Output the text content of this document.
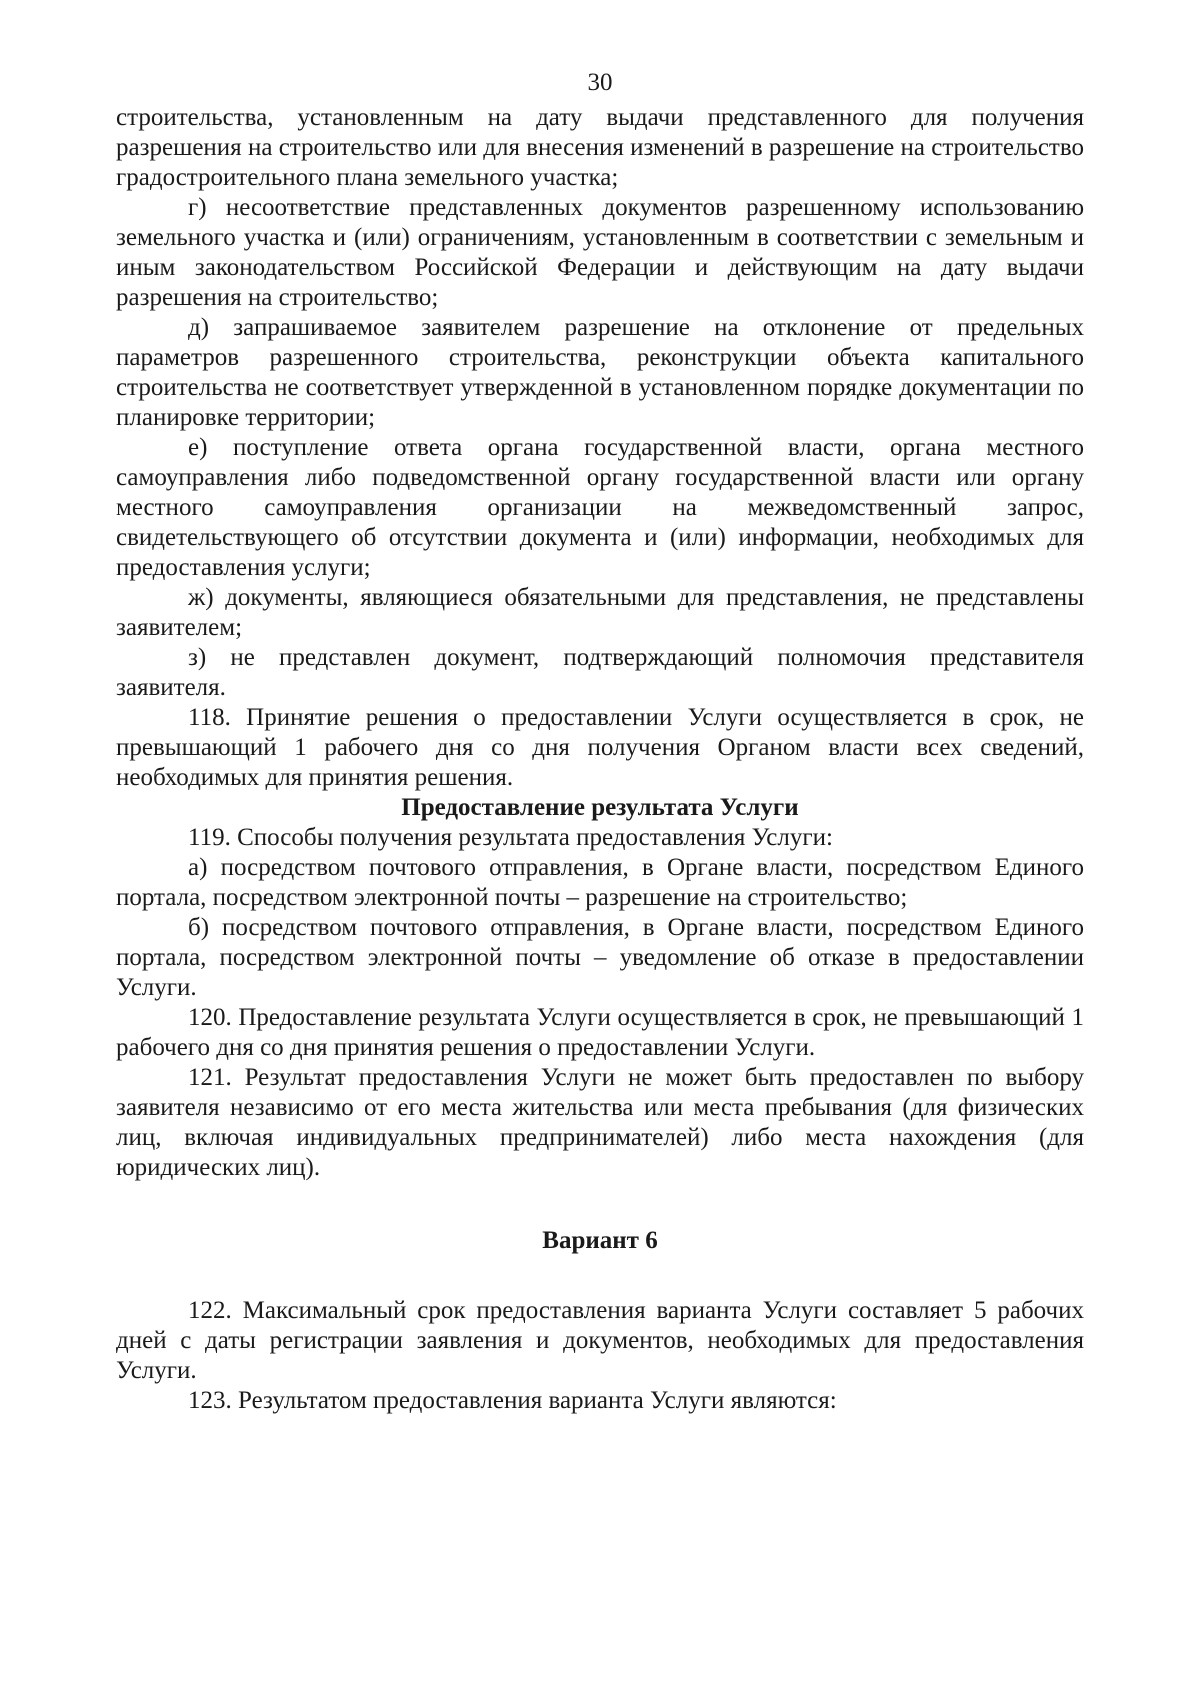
30

строительства, установленным на дату выдачи представленного для получения разрешения на строительство или для внесения изменений в разрешение на строительство градостроительного плана земельного участка;

г) несоответствие представленных документов разрешенному использованию земельного участка и (или) ограничениям, установленным в соответствии с земельным и иным законодательством Российской Федерации и действующим на дату выдачи разрешения на строительство;

д) запрашиваемое заявителем разрешение на отклонение от предельных параметров разрешенного строительства, реконструкции объекта капитального строительства не соответствует утвержденной в установленном порядке документации по планировке территории;

е) поступление ответа органа государственной власти, органа местного самоуправления либо подведомственной органу государственной власти или органу местного самоуправления организации на межведомственный запрос, свидетельствующего об отсутствии документа и (или) информации, необходимых для предоставления услуги;

ж) документы, являющиеся обязательными для представления, не представлены заявителем;

з) не представлен документ, подтверждающий полномочия представителя заявителя.

118. Принятие решения о предоставлении Услуги осуществляется в срок, не превышающий 1 рабочего дня со дня получения Органом власти всех сведений, необходимых для принятия решения.

Предоставление результата Услуги

119. Способы получения результата предоставления Услуги:

а) посредством почтового отправления, в Органе власти, посредством Единого портала, посредством электронной почты – разрешение на строительство;

б) посредством почтового отправления, в Органе власти, посредством Единого портала, посредством электронной почты – уведомление об отказе в предоставлении Услуги.

120. Предоставление результата Услуги осуществляется в срок, не превышающий 1 рабочего дня со дня принятия решения о предоставлении Услуги.

121. Результат предоставления Услуги не может быть предоставлен по выбору заявителя независимо от его места жительства или места пребывания (для физических лиц, включая индивидуальных предпринимателей) либо места нахождения (для юридических лиц).

Вариант 6

122. Максимальный срок предоставления варианта Услуги составляет 5 рабочих дней с даты регистрации заявления и документов, необходимых для предоставления Услуги.

123. Результатом предоставления варианта Услуги являются:
